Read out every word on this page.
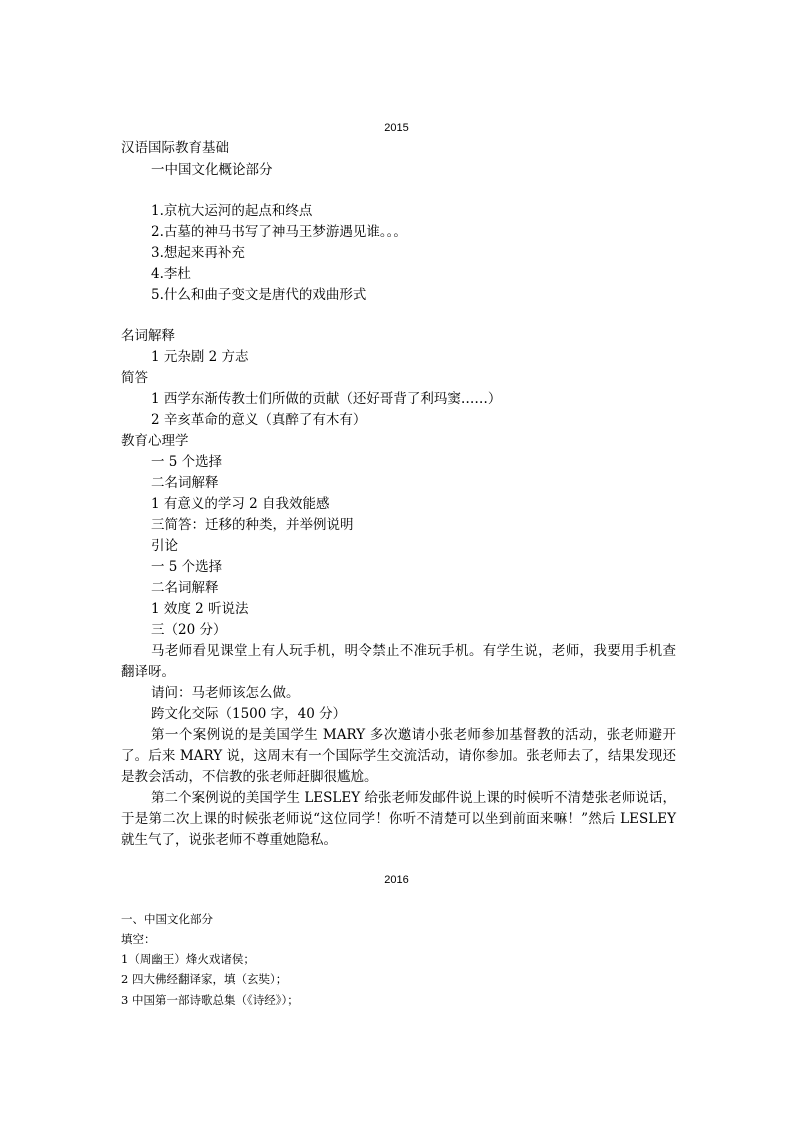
2015
汉语国际教育基础
一中国文化概论部分
1.京杭大运河的起点和终点
2.古墓的神马书写了神马王梦游遇见谁。。。
3.想起来再补充
4.李杜
5.什么和曲子变文是唐代的戏曲形式
名词解释
1 元杂剧 2 方志
简答
1 西学东渐传教士们所做的贡献（还好哥背了利玛窦……）
2 辛亥革命的意义（真醉了有木有）
教育心理学
一 5 个选择
二名词解释
1 有意义的学习 2 自我效能感
三简答：迁移的种类，并举例说明
引论
一 5 个选择
二名词解释
1 效度 2 听说法
三（20 分）
马老师看见课堂上有人玩手机，明令禁止不准玩手机。有学生说，老师，我要用手机查翻译呀。
请问：马老师该怎么做。
跨文化交际（1500 字，40 分）
第一个案例说的是美国学生 MARY 多次邀请小张老师参加基督教的活动，张老师避开了。后来 MARY 说，这周末有一个国际学生交流活动，请你参加。张老师去了，结果发现还是教会活动，不信教的张老师赶脚很尴尬。
第二个案例说的美国学生 LESLEY 给张老师发邮件说上课的时候听不清楚张老师说话，于是第二次上课的时候张老师说“这位同学！你听不清楚可以坐到前面来嘛！”然后 LESLEY 就生气了，说张老师不尊重她隐私。
2016
一、中国文化部分
填空：
1（周幽王）烽火戏诸侯；
2 四大佛经翻译家，填（玄奘）；
3 中国第一部诗歌总集（《诗经》）；
